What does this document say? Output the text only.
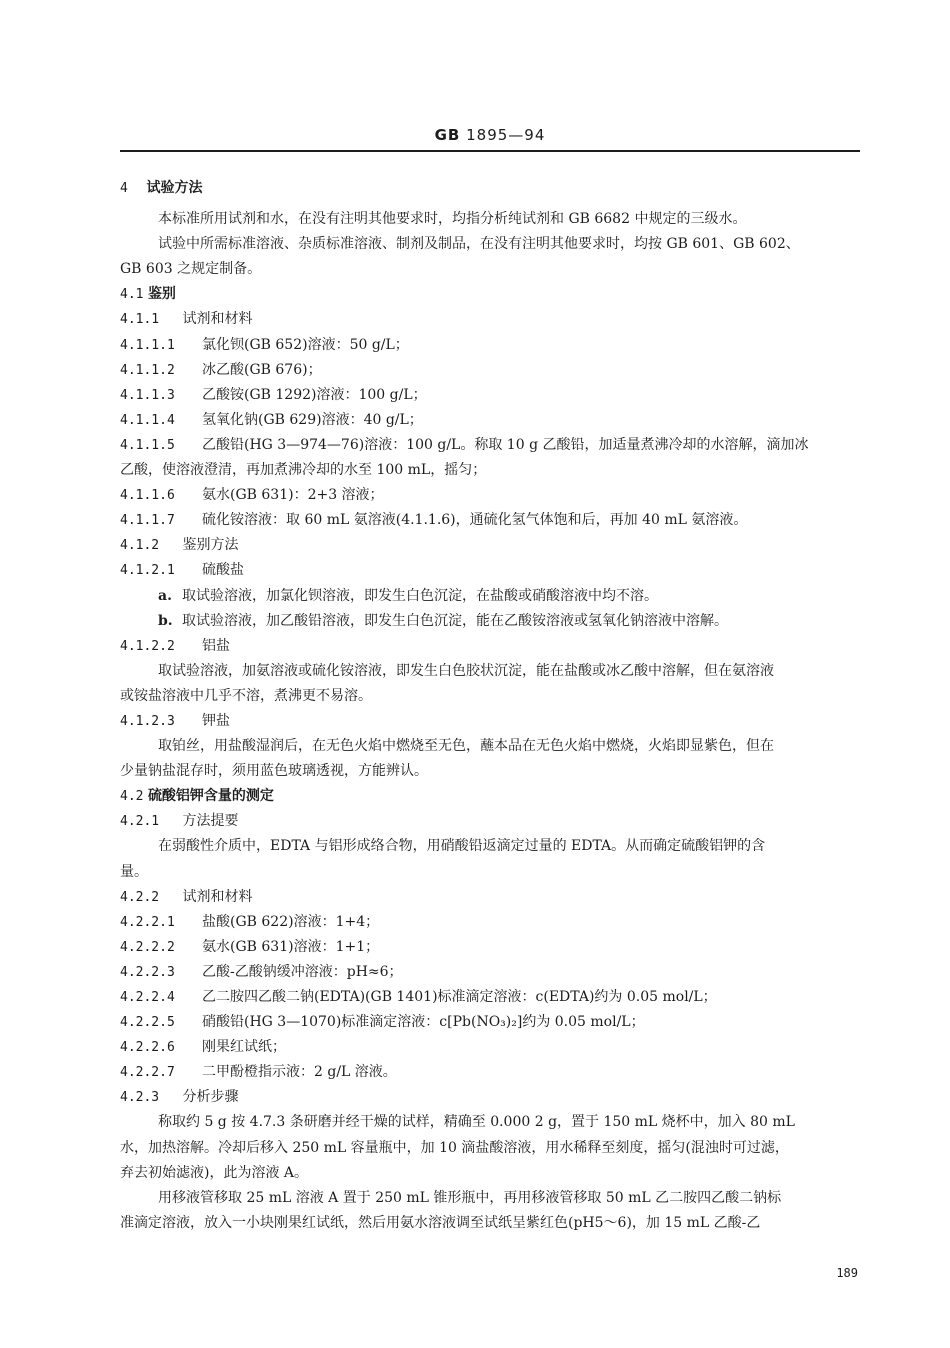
GB 1895—94
4 试验方法
本标准所用试剂和水，在没有注明其他要求时，均指分析纯试剂和 GB 6682 中规定的三级水。
试验中所需标准溶液、杂质标准溶液、制剂及制品，在没有注明其他要求时，均按 GB 601、GB 602、
GB 603 之规定制备。
4.1 鉴别
4.1.1 试剂和材料
4.1.1.1 氯化钡(GB 652)溶液：50 g/L；
4.1.1.2 冰乙酸(GB 676)；
4.1.1.3 乙酸铵(GB 1292)溶液：100 g/L；
4.1.1.4 氢氧化钠(GB 629)溶液：40 g/L；
4.1.1.5 乙酸铅(HG 3—974—76)溶液：100 g/L。称取 10 g 乙酸铅，加适量煮沸冷却的水溶解，滴加冰
乙酸，使溶液澄清，再加煮沸冷却的水至 100 mL，摇匀；
4.1.1.6 氨水(GB 631)：2+3 溶液；
4.1.1.7 硫化铵溶液：取 60 mL 氨溶液(4.1.1.6)，通硫化氢气体饱和后，再加 40 mL 氨溶液。
4.1.2 鉴别方法
4.1.2.1 硫酸盐
a. 取试验溶液，加氯化钡溶液，即发生白色沉淀，在盐酸或硝酸溶液中均不溶。
b. 取试验溶液，加乙酸铅溶液，即发生白色沉淀，能在乙酸铵溶液或氢氧化钠溶液中溶解。
4.1.2.2 铝盐
取试验溶液，加氨溶液或硫化铵溶液，即发生白色胶状沉淀，能在盐酸或冰乙酸中溶解，但在氨溶液
或铵盐溶液中几乎不溶，煮沸更不易溶。
4.1.2.3 钾盐
取铂丝，用盐酸湿润后，在无色火焰中燃烧至无色，蘸本品在无色火焰中燃烧，火焰即显紫色，但在
少量钠盐混存时，须用蓝色玻璃透视，方能辨认。
4.2 硫酸铝钾含量的测定
4.2.1 方法提要
在弱酸性介质中，EDTA 与铝形成络合物，用硝酸铅返滴定过量的 EDTA。从而确定硫酸铝钾的含
量。
4.2.2 试剂和材料
4.2.2.1 盐酸(GB 622)溶液：1+4；
4.2.2.2 氨水(GB 631)溶液：1+1；
4.2.2.3 乙酸-乙酸钠缓冲溶液：pH≈6；
4.2.2.4 乙二胺四乙酸二钠(EDTA)(GB 1401)标准滴定溶液：c(EDTA)约为 0.05 mol/L；
4.2.2.5 硝酸铅(HG 3—1070)标准滴定溶液：c[Pb(NO₃)₂]约为 0.05 mol/L；
4.2.2.6 刚果红试纸；
4.2.2.7 二甲酚橙指示液：2 g/L 溶液。
4.2.3 分析步骤
称取约 5 g 按 4.7.3 条研磨并经干燥的试样，精确至 0.000 2 g，置于 150 mL 烧杯中，加入 80 mL
水，加热溶解。冷却后移入 250 mL 容量瓶中，加 10 滴盐酸溶液，用水稀释至刻度，摇匀(混浊时可过滤，
弃去初始滤液)，此为溶液 A。
用移液管移取 25 mL 溶液 A 置于 250 mL 锥形瓶中，再用移液管移取 50 mL 乙二胺四乙酸二钠标
准滴定溶液，放入一小块刚果红试纸，然后用氨水溶液调至试纸呈紫红色(pH5～6)，加 15 mL 乙酸-乙
189
